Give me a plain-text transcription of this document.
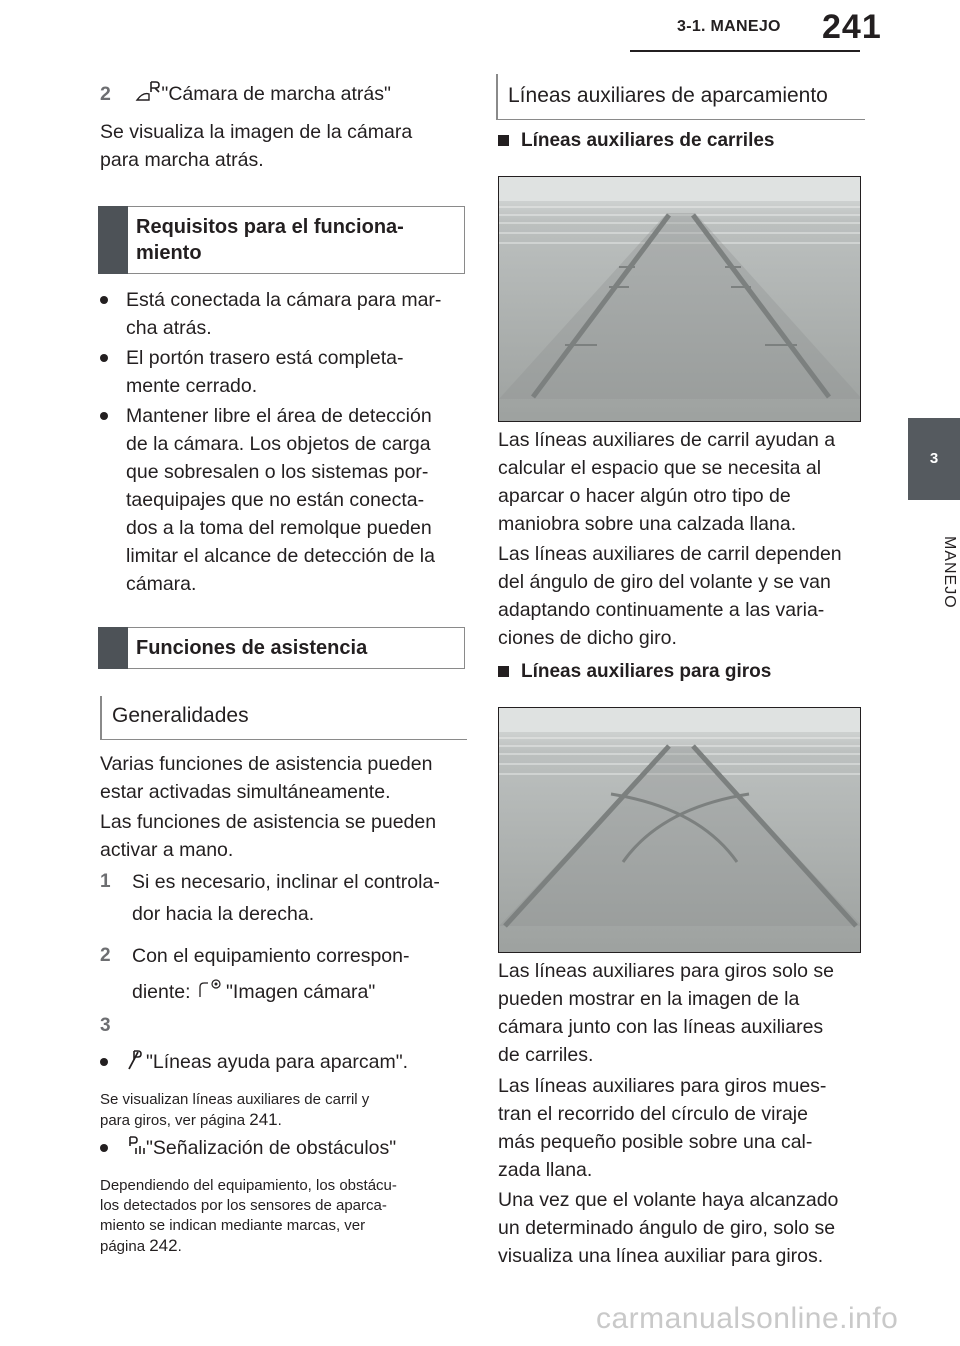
3-1. MANEJO 241
3
MANEJO
2	"Cámara de marcha atrás"
Se visualiza la imagen de la cámara
para marcha atrás.
Requisitos para el funciona-
miento
Está conectada la cámara para mar-
cha atrás.
El portón trasero está completa-
mente cerrado.
Mantener libre el área de detección
de la cámara. Los objetos de carga
que sobresalen o los sistemas por-
taequipajes que no están conecta-
dos a la toma del remolque pueden
limitar el alcance de detección de la
cámara.
Funciones de asistencia
Generalidades
Varias funciones de asistencia pueden
estar activadas simultáneamente.
Las funciones de asistencia se pueden
activar a mano.
1 Si es necesario, inclinar el controla-
dor hacia la derecha.
2 Con el equipamiento correspon-
diente: "Imagen cámara"
3
"Líneas ayuda para aparcam".
Se visualizan líneas auxiliares de carril y
para giros, ver página 241.
"Señalización de obstáculos"
Dependiendo del equipamiento, los obstácu-
los detectados por los sensores de aparca-
miento se indican mediante marcas, ver
página 242.
Líneas auxiliares de aparcamiento
Líneas auxiliares de carriles
Las líneas auxiliares de carril ayudan a
calcular el espacio que se necesita al
aparcar o hacer algún otro tipo de
maniobra sobre una calzada llana.
Las líneas auxiliares de carril dependen
del ángulo de giro del volante y se van
adaptando continuamente a las varia-
ciones de dicho giro.
Líneas auxiliares para giros
Las líneas auxiliares para giros solo se
pueden mostrar en la imagen de la
cámara junto con las líneas auxiliares
de carriles.
Las líneas auxiliares para giros mues-
tran el recorrido del círculo de viraje
más pequeño posible sobre una cal-
zada llana.
Una vez que el volante haya alcanzado
un determinado ángulo de giro, solo se
visualiza una línea auxiliar para giros.
carmanualsonline.info
